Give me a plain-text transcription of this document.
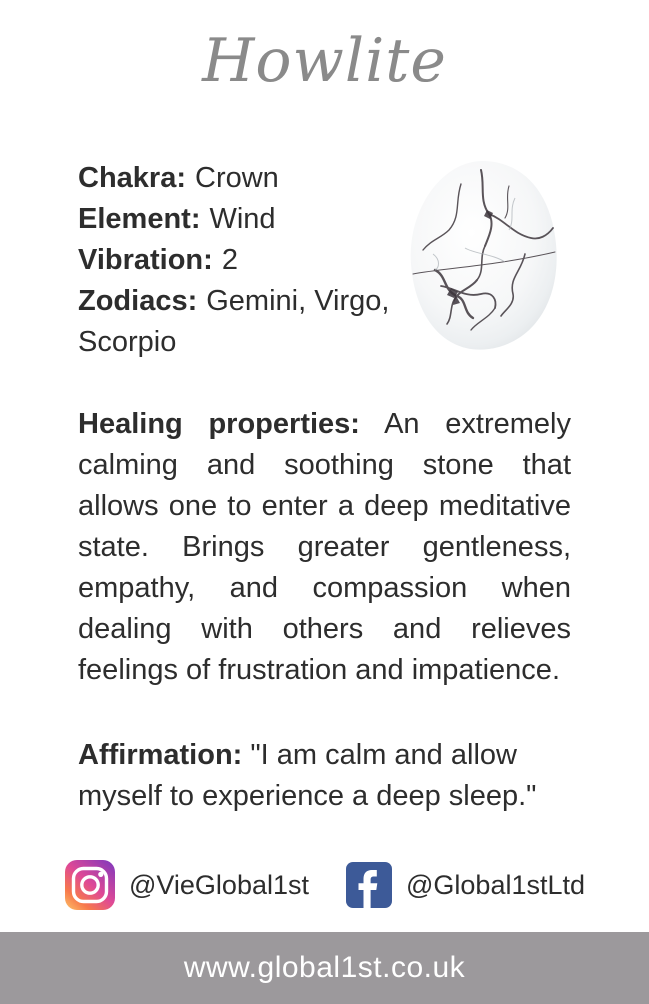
Howlite
Chakra: Crown
Element: Wind
Vibration: 2
Zodiacs: Gemini, Virgo, Scorpio

Healing properties: An extremely calming and soothing stone that allows one to enter a deep meditative state. Brings greater gentleness, empathy, and compassion when dealing with others and relieves feelings of frustration and impatience.

Affirmation: "I am calm and allow myself to experience a deep sleep."

@VieGlobal1st	@Global1stLtd
www.global1st.co.uk
